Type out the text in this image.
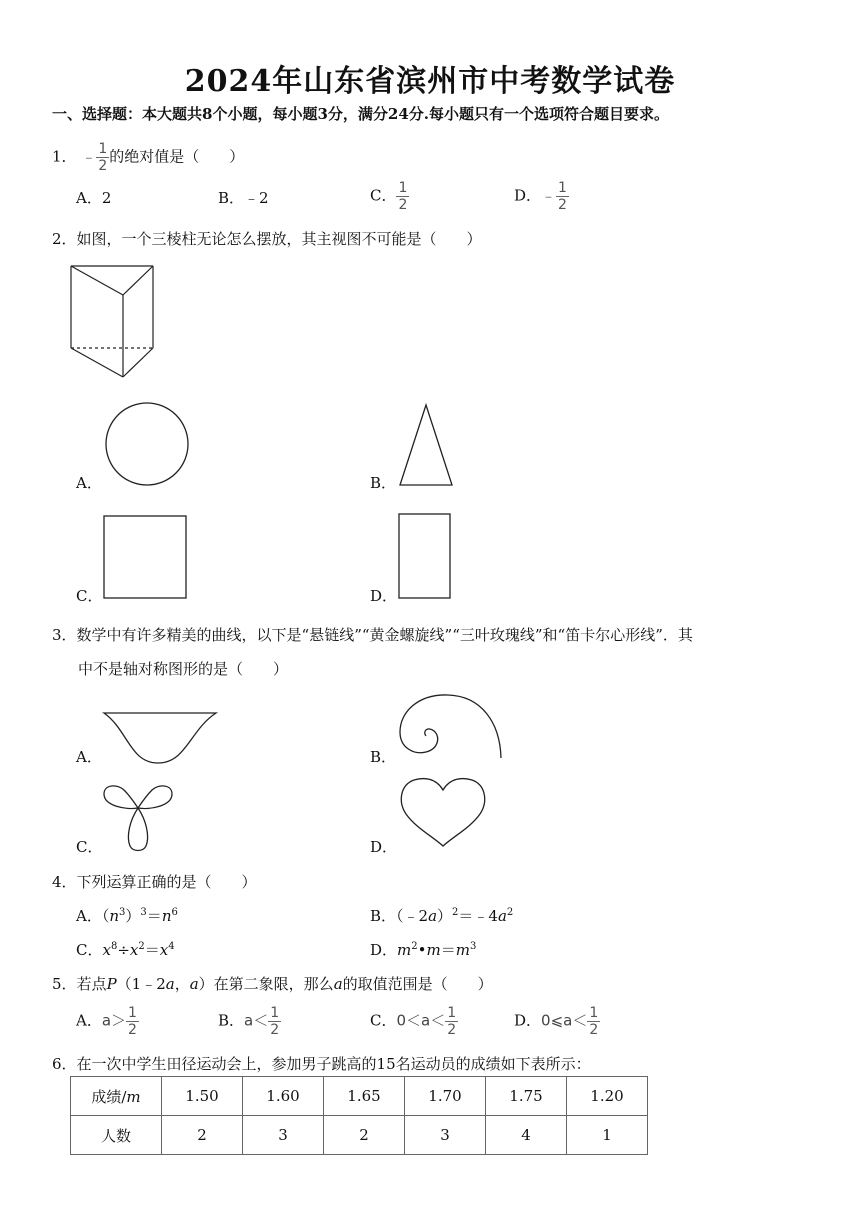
2024年山东省滨州市中考数学试卷
一、选择题：本大题共8个小题，每小题3分，满分24分.每小题只有一个选项符合题目要求。
1． ﹣ $\frac{1}{2}$ 的绝对值是（　　）
A．2	B．﹣2	C． $\frac{1}{2}$	D．﹣ $\frac{1}{2}$
2．如图，一个三棱柱无论怎么摆放，其主视图不可能是（　　）
A．	B．
C．	D．
3．数学中有许多精美的曲线，以下是“悬链线”“黄金螺旋线”“三叶玫瑰线”和“笛卡尔心形线”．其
中不是轴对称图形的是（　　）
A．	B．
C．	D．
4．下列运算正确的是（　　）
A．$(n^3)^3=n^6$	B．$(﹣2a)^2=﹣4a^2$
C．$x^8\div x^2=x^4$	D．$m^2•m=m^3$
5．若点P（1﹣2a，a）在第二象限，那么a的取值范围是（　　）
A．$a> \frac{1}{2}$	B．$a< \frac{1}{2}$	C．$0<a< \frac{1}{2}$	D．0⩽a＜ $\frac{1}{2}$
6．在一次中学生田径运动会上，参加男子跳高的15名运动员的成绩如下表所示：
成绩/m	1.50	1.60	1.65	1.70	1.75	1.20
人数	2	3	2	3	4	1
